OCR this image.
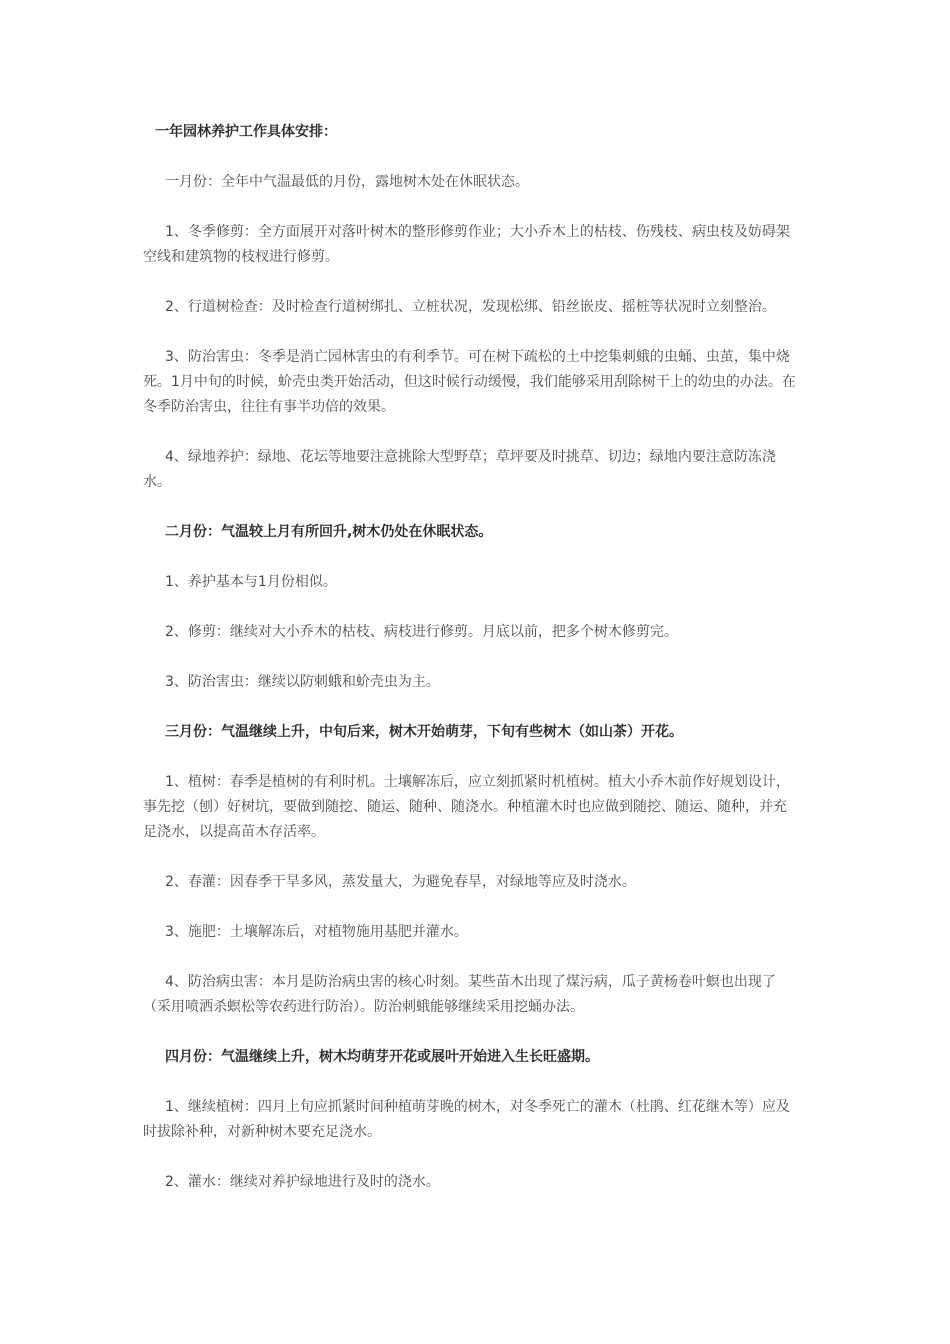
一年园林养护工作具体安排：

一月份：全年中气温最低的月份，露地树木处在休眠状态。

1、冬季修剪：全方面展开对落叶树木的整形修剪作业；大小乔木上的枯枝、伤残枝、病虫枝及妨碍架空线和建筑物的枝杈进行修剪。

2、行道树检查：及时检查行道树绑扎、立桩状况，发现松绑、铅丝嵌皮、摇桩等状况时立刻整治。

3、防治害虫：冬季是消亡园林害虫的有利季节。可在树下疏松的土中挖集刺蛾的虫蛹、虫茧，集中烧死。1月中旬的时候，蚧壳虫类开始活动，但这时候行动缓慢，我们能够采用刮除树干上的幼虫的办法。在冬季防治害虫，往往有事半功倍的效果。

4、绿地养护：绿地、花坛等地要注意挑除大型野草；草坪要及时挑草、切边；绿地内要注意防冻浇水。

二月份：气温较上月有所回升,树木仍处在休眠状态。

1、养护基本与1月份相似。

2、修剪：继续对大小乔木的枯枝、病枝进行修剪。月底以前，把多个树木修剪完。

3、防治害虫：继续以防刺蛾和蚧壳虫为主。

三月份：气温继续上升，中旬后来，树木开始萌芽，下旬有些树木（如山茶）开花。

1、植树：春季是植树的有利时机。土壤解冻后，应立刻抓紧时机植树。植大小乔木前作好规划设计，事先挖（刨）好树坑，要做到随挖、随运、随种、随浇水。种植灌木时也应做到随挖、随运、随种，并充足浇水，以提高苗木存活率。

2、春灌：因春季干旱多风，蒸发量大，为避免春旱，对绿地等应及时浇水。

3、施肥：土壤解冻后，对植物施用基肥并灌水。

4、防治病虫害：本月是防治病虫害的核心时刻。某些苗木出现了煤污病，瓜子黄杨卷叶螟也出现了（采用喷洒杀螟松等农药进行防治）。防治刺蛾能够继续采用挖蛹办法。

四月份：气温继续上升，树木均萌芽开花或展叶开始进入生长旺盛期。

1、继续植树：四月上旬应抓紧时间种植萌芽晚的树木，对冬季死亡的灌木（杜鹃、红花继木等）应及时拔除补种，对新种树木要充足浇水。

2、灌水：继续对养护绿地进行及时的浇水。
